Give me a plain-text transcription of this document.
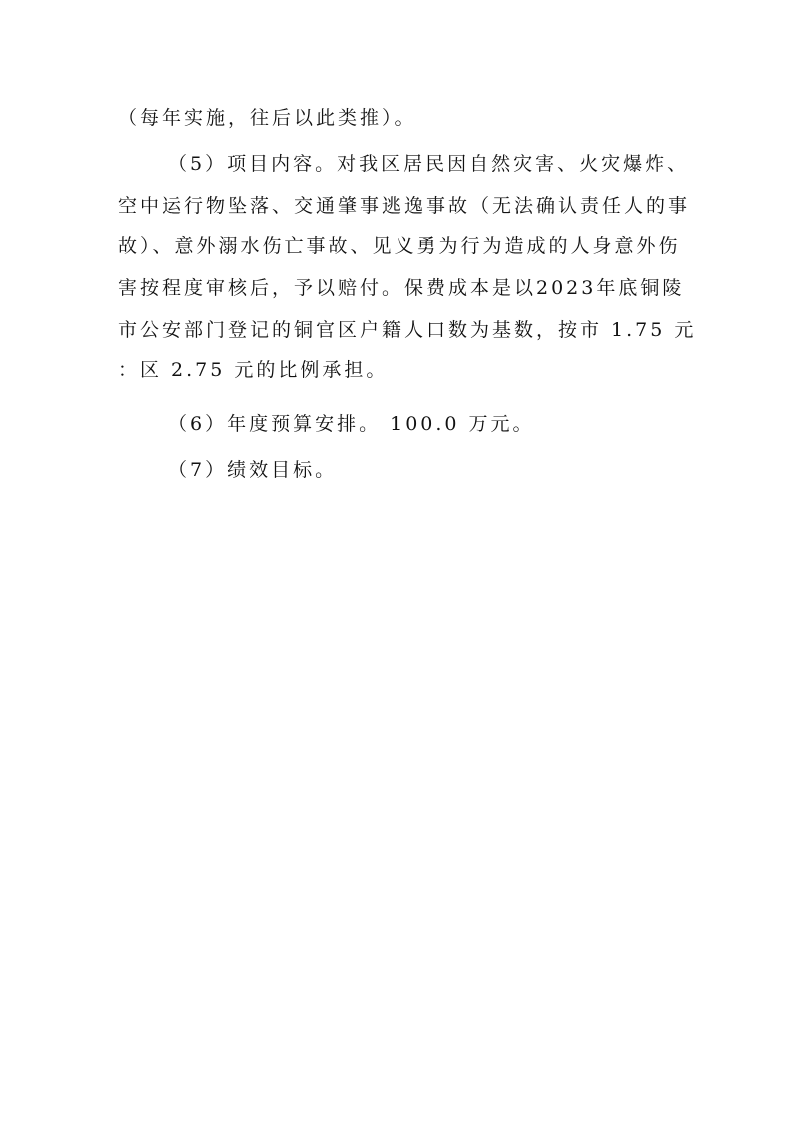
（每年实施，往后以此类推）。
（5）项目内容。对我区居民因自然灾害、火灾爆炸、
空中运行物坠落、交通肇事逃逸事故（无法确认责任人的事
故）、意外溺水伤亡事故、见义勇为行为造成的人身意外伤
害按程度审核后，予以赔付。保费成本是以2023年底铜陵
市公安部门登记的铜官区户籍人口数为基数，按市 1.75 元
：区 2.75 元的比例承担。
（6）年度预算安排。 100.0 万元。
（7）绩效目标。
